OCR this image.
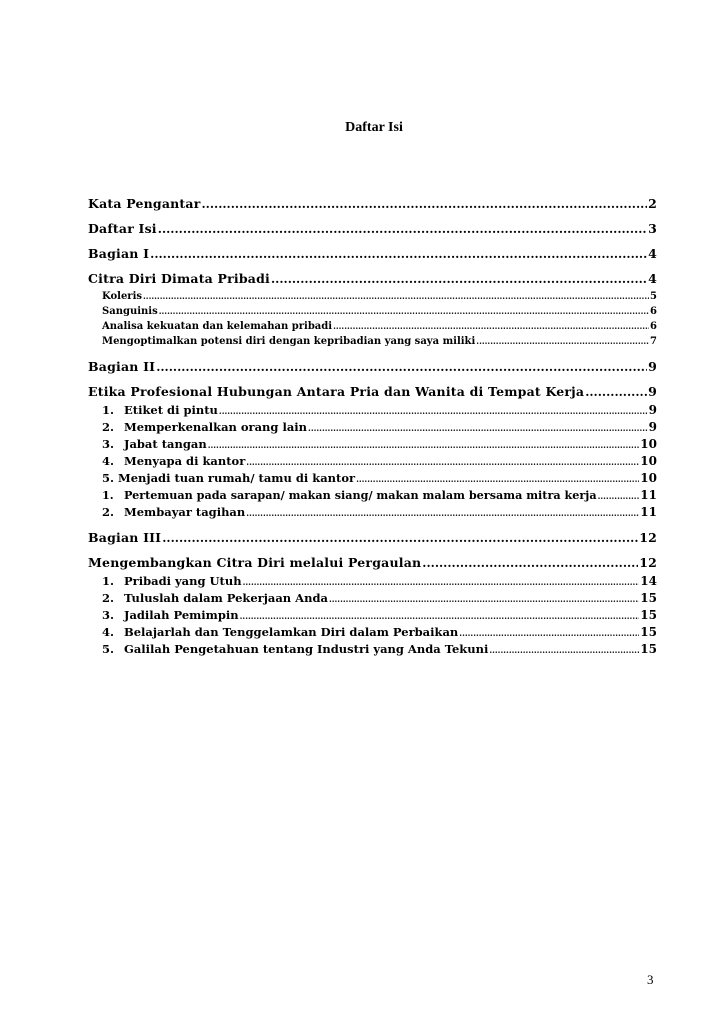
Daftar Isi
Kata Pengantar .....	2
Daftar Isi .....	3
Bagian I .....	4
Citra Diri Dimata Pribadi .....	4
Koleris .....	5
Sanguinis .....	6
Analisa kekuatan dan kelemahan pribadi .....	6
Mengoptimalkan potensi diri dengan kepribadian yang saya miliki .....	7
Bagian II .....	9
Etika Profesional Hubungan Antara Pria dan Wanita di Tempat Kerja .....	9
1. Etiket di pintu .....	9
2. Memperkenalkan orang lain .....	9
3. Jabat tangan .....	10
4. Menyapa di kantor .....	10
5. Menjadi tuan rumah/ tamu di kantor .....	10
1. Pertemuan pada sarapan/ makan siang/ makan malam bersama mitra kerja .....	11
2. Membayar tagihan .....	11
Bagian III .....	12
Mengembangkan Citra Diri melalui Pergaulan .....	12
1. Pribadi yang Utuh .....	14
2. Tuluslah dalam Pekerjaan Anda .....	15
3. Jadilah Pemimpin .....	15
4. Belajarlah dan Tenggelamkan Diri dalam Perbaikan .....	15
5. Galilah Pengetahuan tentang Industri yang Anda Tekuni .....	15
3
